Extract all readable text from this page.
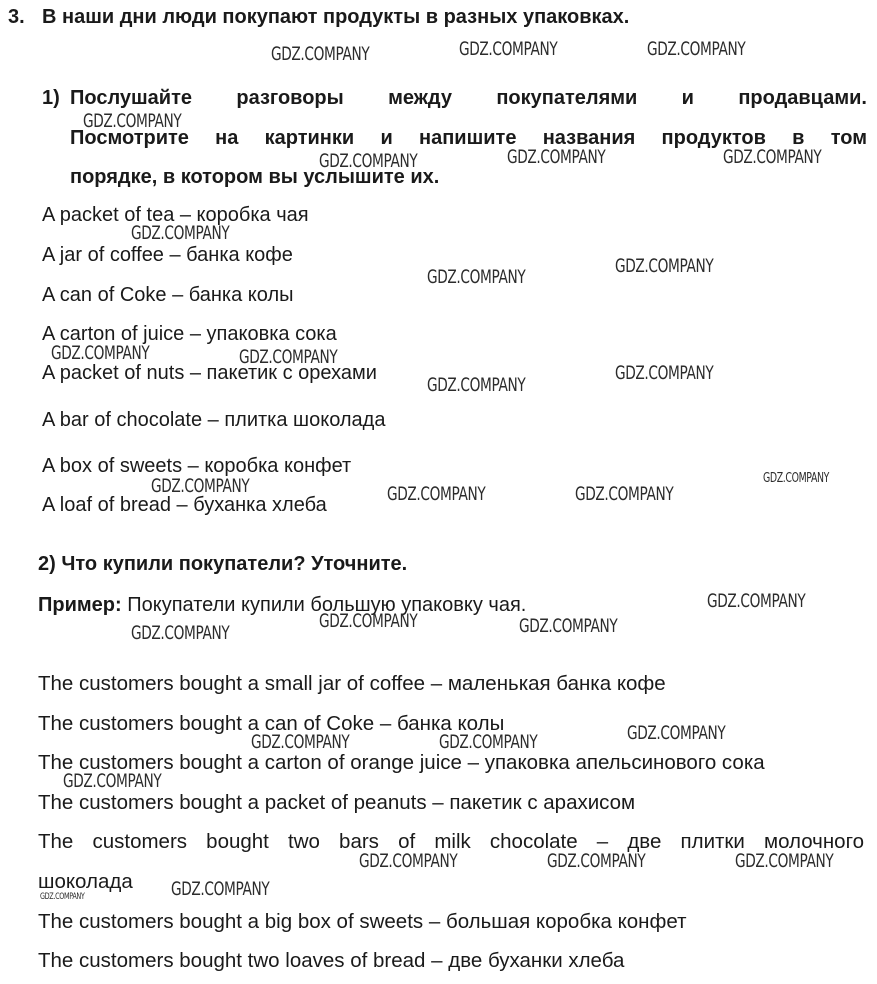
3. В наши дни люди покупают продукты в разных упаковках.
1) Послушайте разговоры между покупателями и продавцами.
Посмотрите на картинки и напишите названия продуктов в том
порядке, в котором вы услышите их.
A packet of tea – коробка чая
A jar of coffee – банка кофе
A can of Coke – банка колы
A carton of juice – упаковка сока
A packet of nuts – пакетик с орехами
A bar of chocolate – плитка шоколада
A box of sweets – коробка конфет
A loaf of bread – буханка хлеба
2) Что купили покупатели? Уточните.
Пример: Покупатели купили большую упаковку чая.
The customers bought a small jar of coffee – маленькая банка кофе
The customers bought a can of Coke – банка колы
The customers bought a carton of orange juice – упаковка апельсинового сока
The customers bought a packet of peanuts – пакетик с арахисом
The customers bought two bars of milk chocolate – две плитки молочного
шоколада
The customers bought a big box of sweets – большая коробка конфет
The customers bought two loaves of bread – две буханки хлеба
GDZ.COMPANY	GDZ.COMPANY	GDZ.COMPANY
GDZ.COMPANY
GDZ.COMPANY	GDZ.COMPANY	GDZ.COMPANY
GDZ.COMPANY
GDZ.COMPANY	GDZ.COMPANY
GDZ.COMPANY	GDZ.COMPANY
GDZ.COMPANY
GDZ.COMPANY
GDZ.COMPANY
GDZ.COMPANY	GDZ.COMPANY	GDZ.COMPANY
GDZ.COMPANY
GDZ.COMPANY	GDZ.COMPANY
GDZ.COMPANY
GDZ.COMPANY
GDZ.COMPANY	GDZ.COMPANY
GDZ.COMPANY
GDZ.COMPANY	GDZ.COMPANY	GDZ.COMPANY
GDZ.COMPANY
GDZ.COMPANY
